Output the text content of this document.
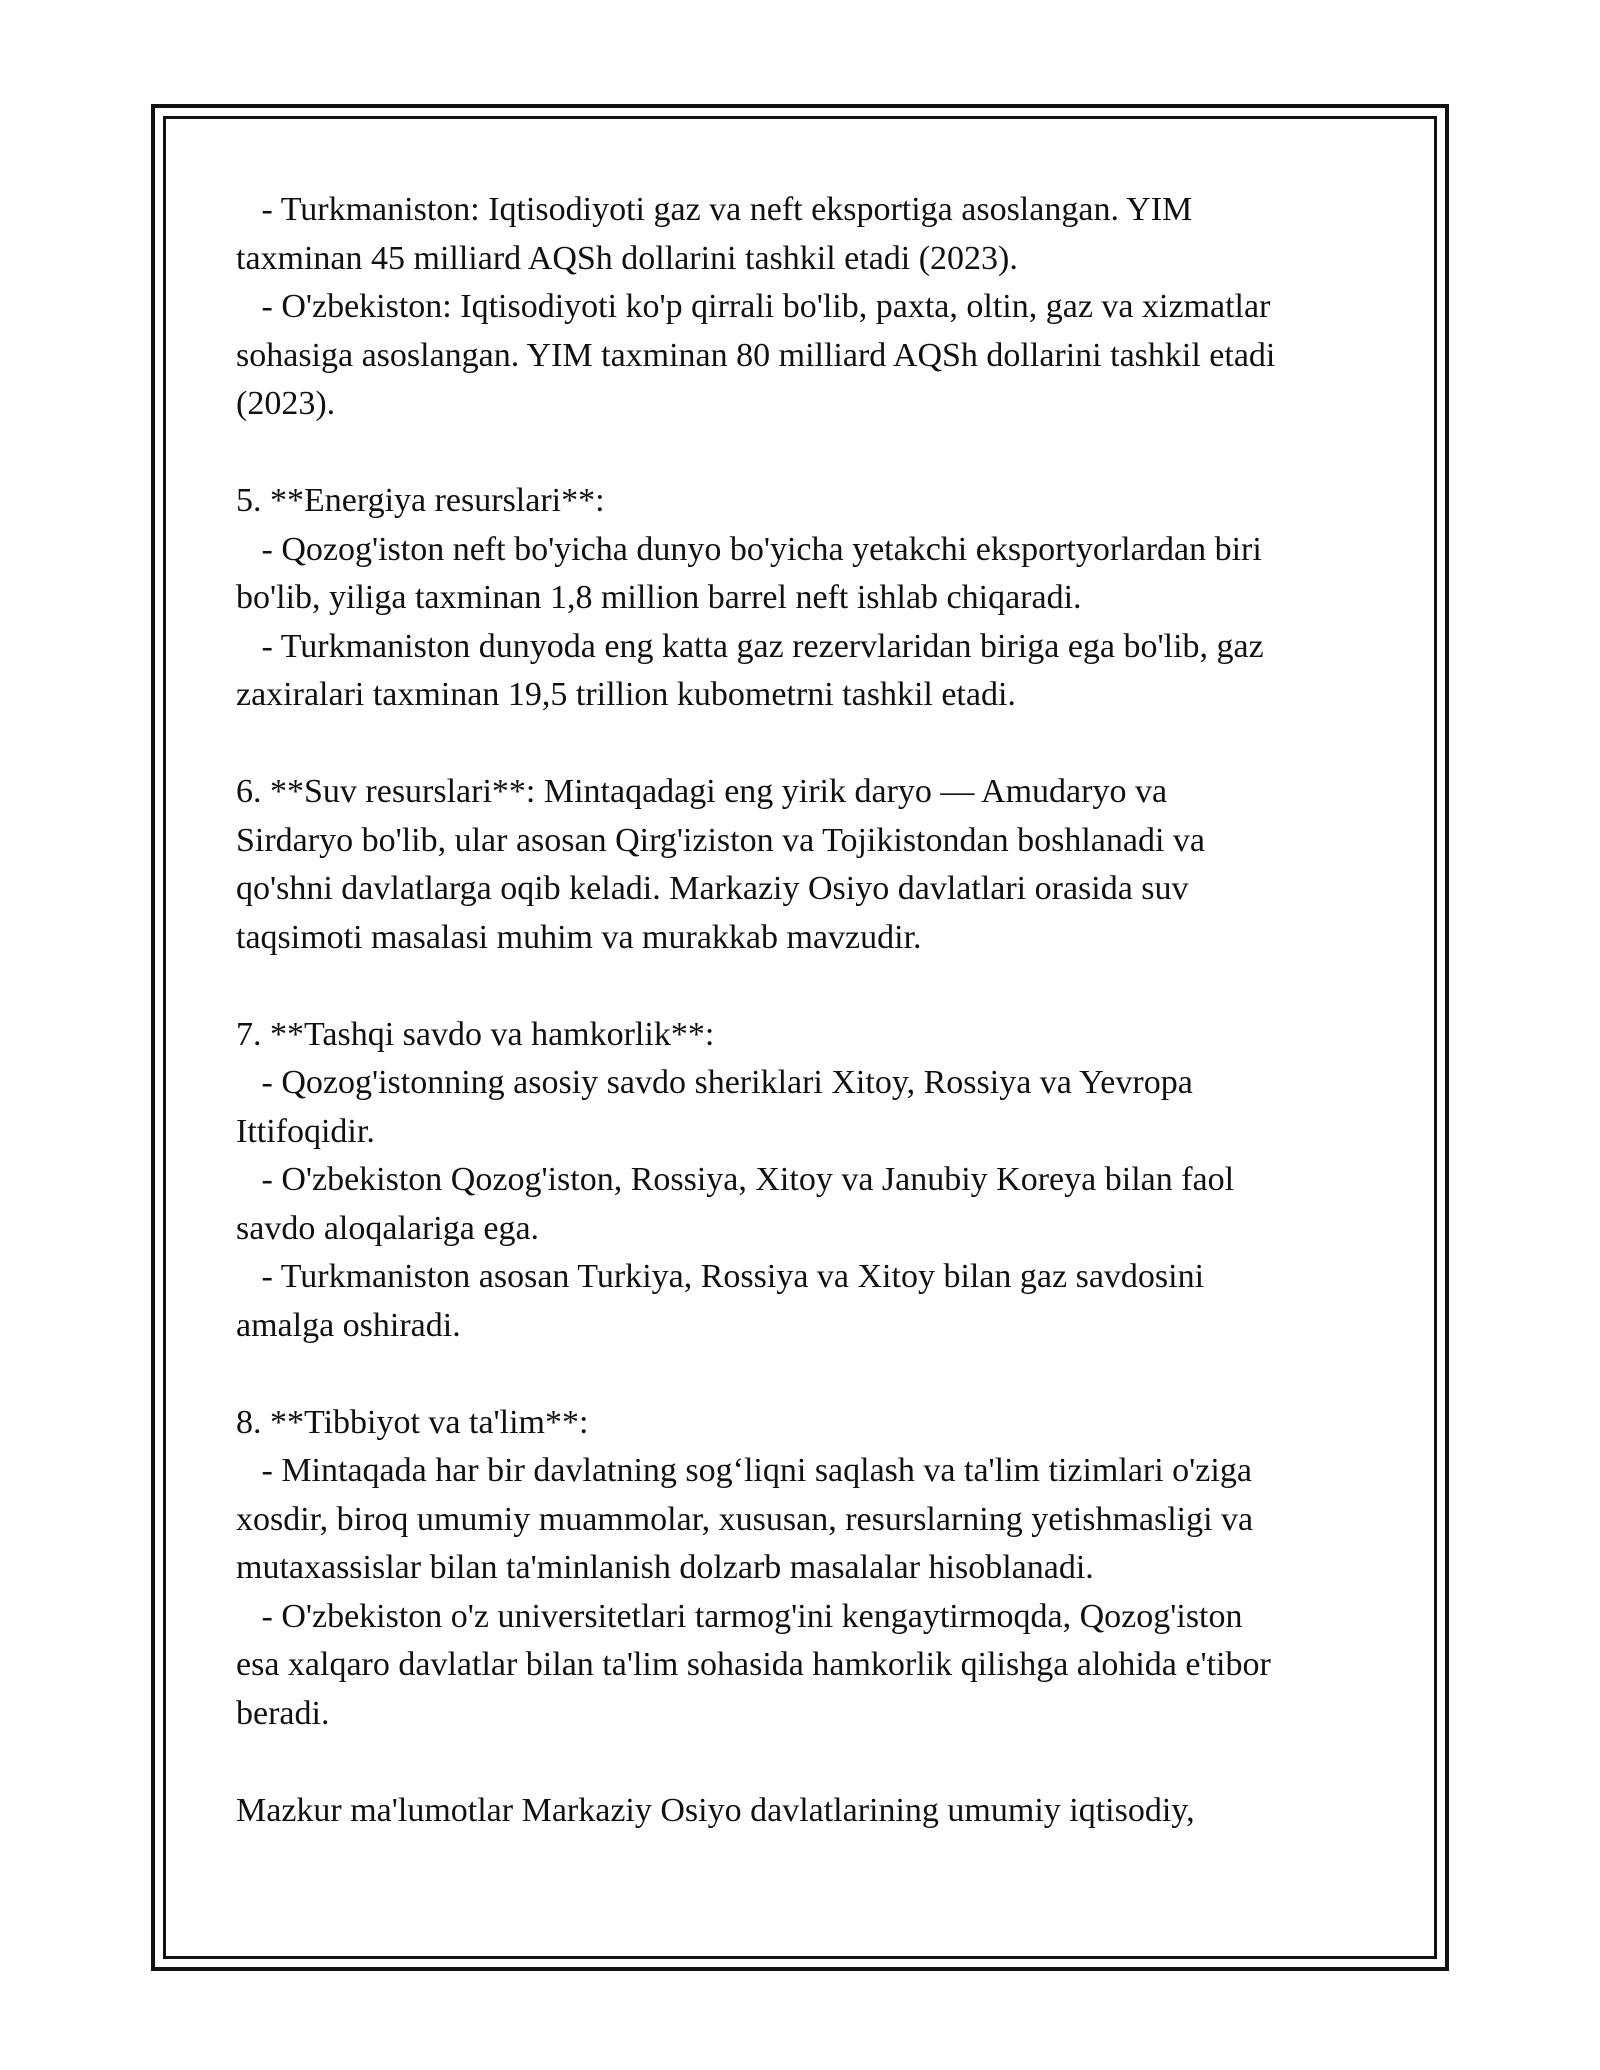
- Turkmaniston: Iqtisodiyoti gaz va neft eksportiga asoslangan. YIM
taxminan 45 milliard AQSh dollarini tashkil etadi (2023).
- O'zbekiston: Iqtisodiyoti ko'p qirrali bo'lib, paxta, oltin, gaz va xizmatlar
sohasiga asoslangan. YIM taxminan 80 milliard AQSh dollarini tashkil etadi
(2023).
5. **Energiya resurslari**:
- Qozog'iston neft bo'yicha dunyo bo'yicha yetakchi eksportyorlardan biri
bo'lib, yiliga taxminan 1,8 million barrel neft ishlab chiqaradi.
- Turkmaniston dunyoda eng katta gaz rezervlaridan biriga ega bo'lib, gaz
zaxiralari taxminan 19,5 trillion kubometrni tashkil etadi.
6. **Suv resurslari**: Mintaqadagi eng yirik daryo — Amudaryo va
Sirdaryo bo'lib, ular asosan Qirg'iziston va Tojikistondan boshlanadi va
qo'shni davlatlarga oqib keladi. Markaziy Osiyo davlatlari orasida suv
taqsimoti masalasi muhim va murakkab mavzudir.
7. **Tashqi savdo va hamkorlik**:
- Qozog'istonning asosiy savdo sheriklari Xitoy, Rossiya va Yevropa
Ittifoqidir.
- O'zbekiston Qozog'iston, Rossiya, Xitoy va Janubiy Koreya bilan faol
savdo aloqalariga ega.
- Turkmaniston asosan Turkiya, Rossiya va Xitoy bilan gaz savdosini
amalga oshiradi.
8. **Tibbiyot va ta'lim**:
- Mintaqada har bir davlatning sog‘liqni saqlash va ta'lim tizimlari o'ziga
xosdir, biroq umumiy muammolar, xususan, resurslarning yetishmasligi va
mutaxassislar bilan ta'minlanish dolzarb masalalar hisoblanadi.
- O'zbekiston o'z universitetlari tarmog'ini kengaytirmoqda, Qozog'iston
esa xalqaro davlatlar bilan ta'lim sohasida hamkorlik qilishga alohida e'tibor
beradi.
Mazkur ma'lumotlar Markaziy Osiyo davlatlarining umumiy iqtisodiy,
